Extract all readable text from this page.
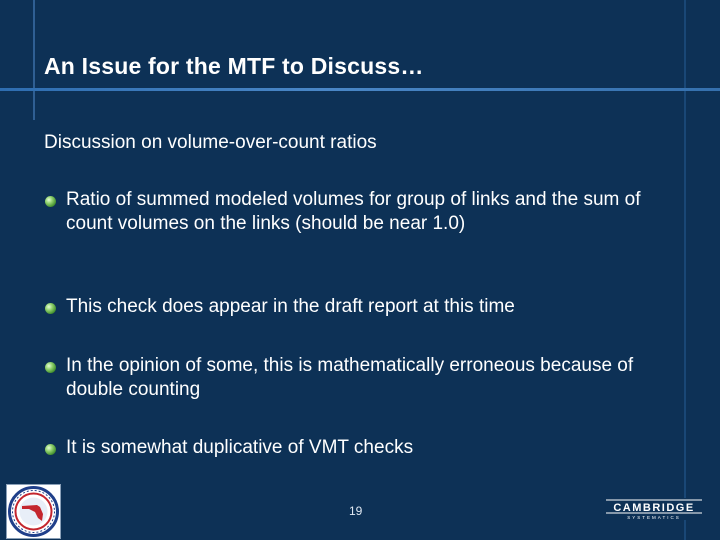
An Issue for the MTF to Discuss…
Discussion on volume-over-count ratios
Ratio of summed modeled volumes for group of links and the sum of count volumes on the links (should be near 1.0)
This check does appear in the draft report at this time
In the opinion of some, this is mathematically erroneous because of double counting
It is somewhat duplicative of VMT checks
19	CAMBRIDGE
SYSTEMATICS
